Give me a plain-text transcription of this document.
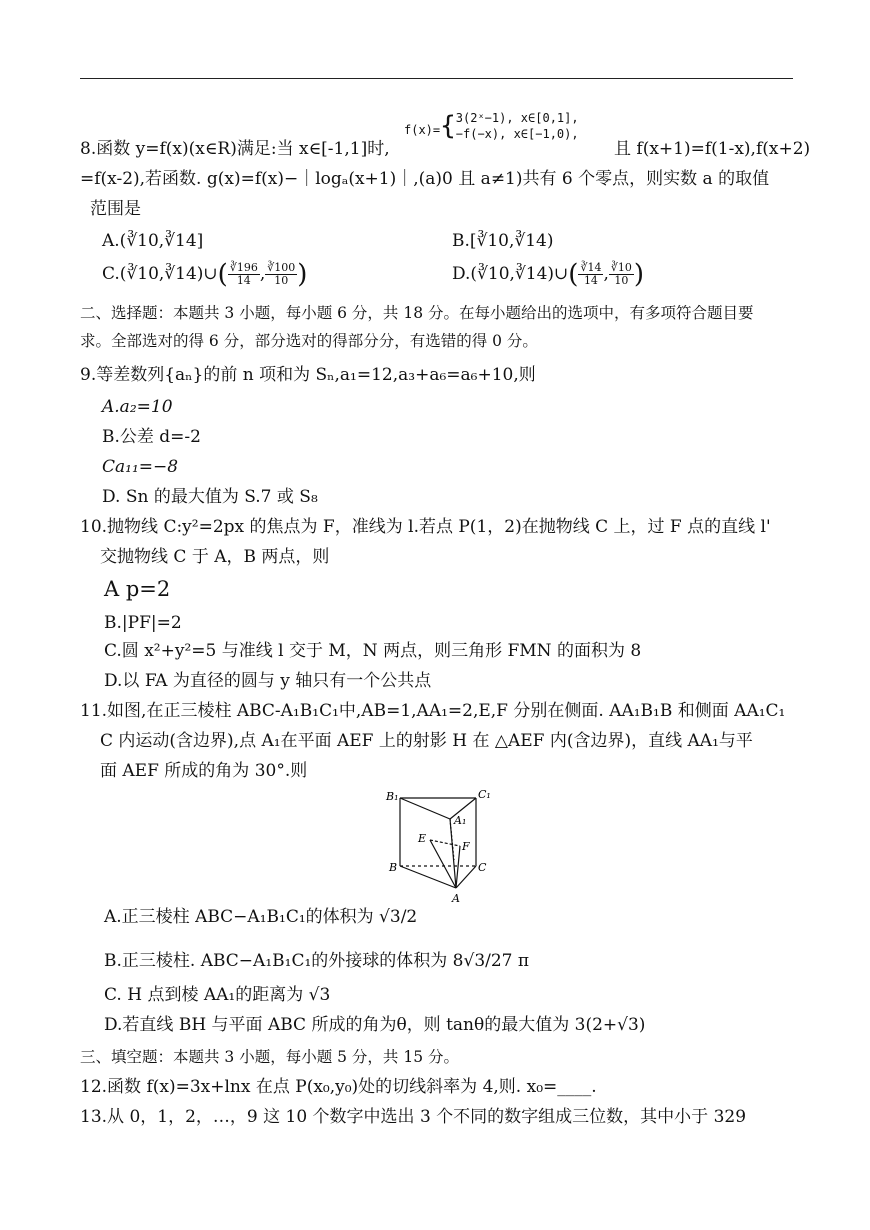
8.函数 y=f(x)(x∈R)满足:当 x∈[-1,1]时,
f(x)={ 3(2ˣ−1), x∈[0,1],
−f(−x), x∈[−1,0),
且 f(x+1)=f(1-x),f(x+2)
=f(x-2),若函数. g(x)=f(x)−｜logₐ(x+1)｜,(a)0 且 a≠1)共有 6 个零点，则实数 a 的取值
范围是
A.(∛10,∛14]	B.[∛10,∛14)
C.(∛10,∛14)∪( $\frac{∛196}{14}$ , $\frac{∛100}{10}$ )	D.(∛10,∛14)∪( $\frac{∛14}{14}$ , $\frac{∛10}{10}$ )
二、选择题：本题共 3 小题，每小题 6 分，共 18 分。在每小题给出的选项中，有多项符合题目要
求。全部选对的得 6 分，部分选对的得部分分，有选错的得 0 分。
9.等差数列{aₙ}的前 n 项和为 Sₙ,a₁=12,a₃+a₆=a₆+10,则
A.a₂=10
B.公差 d=-2
Ca₁₁=−8
D. Sn 的最大值为 S.7 或 S₈
10.抛物线 C:y²=2px 的焦点为 F，准线为 l.若点 P(1，2)在抛物线 C 上，过 F 点的直线 l'
交抛物线 C 于 A，B 两点，则
A p=2
B.|PF|=2
C.圆 x²+y²=5 与准线 l 交于 M，N 两点，则三角形 FMN 的面积为 8
D.以 FA 为直径的圆与 y 轴只有一个公共点
11.如图,在正三棱柱 ABC-A₁B₁C₁中,AB=1,AA₁=2,E,F 分别在侧面. AA₁B₁B 和侧面 AA₁C₁
C 内运动(含边界),点 A₁在平面 AEF 上的射影 H 在 △AEF 内(含边界)，直线 AA₁与平
面 AEF 所成的角为 30°.则
B₁	C₁
A₁
E
F
B	C
A
A.正三棱柱 ABC−A₁B₁C₁的体积为 √3/2
B.正三棱柱. ABC−A₁B₁C₁的外接球的体积为 8√3/27 π
C. H 点到棱 AA₁的距离为 √3
D.若直线 BH 与平面 ABC 所成的角为θ，则 tanθ的最大值为 3(2+√3)
三、填空题：本题共 3 小题，每小题 5 分，共 15 分。
12.函数 f(x)=3x+lnx 在点 P(x₀,y₀)处的切线斜率为 4,则. x₀=____.
13.从 0，1，2，…，9 这 10 个数字中选出 3 个不同的数字组成三位数，其中小于 329
